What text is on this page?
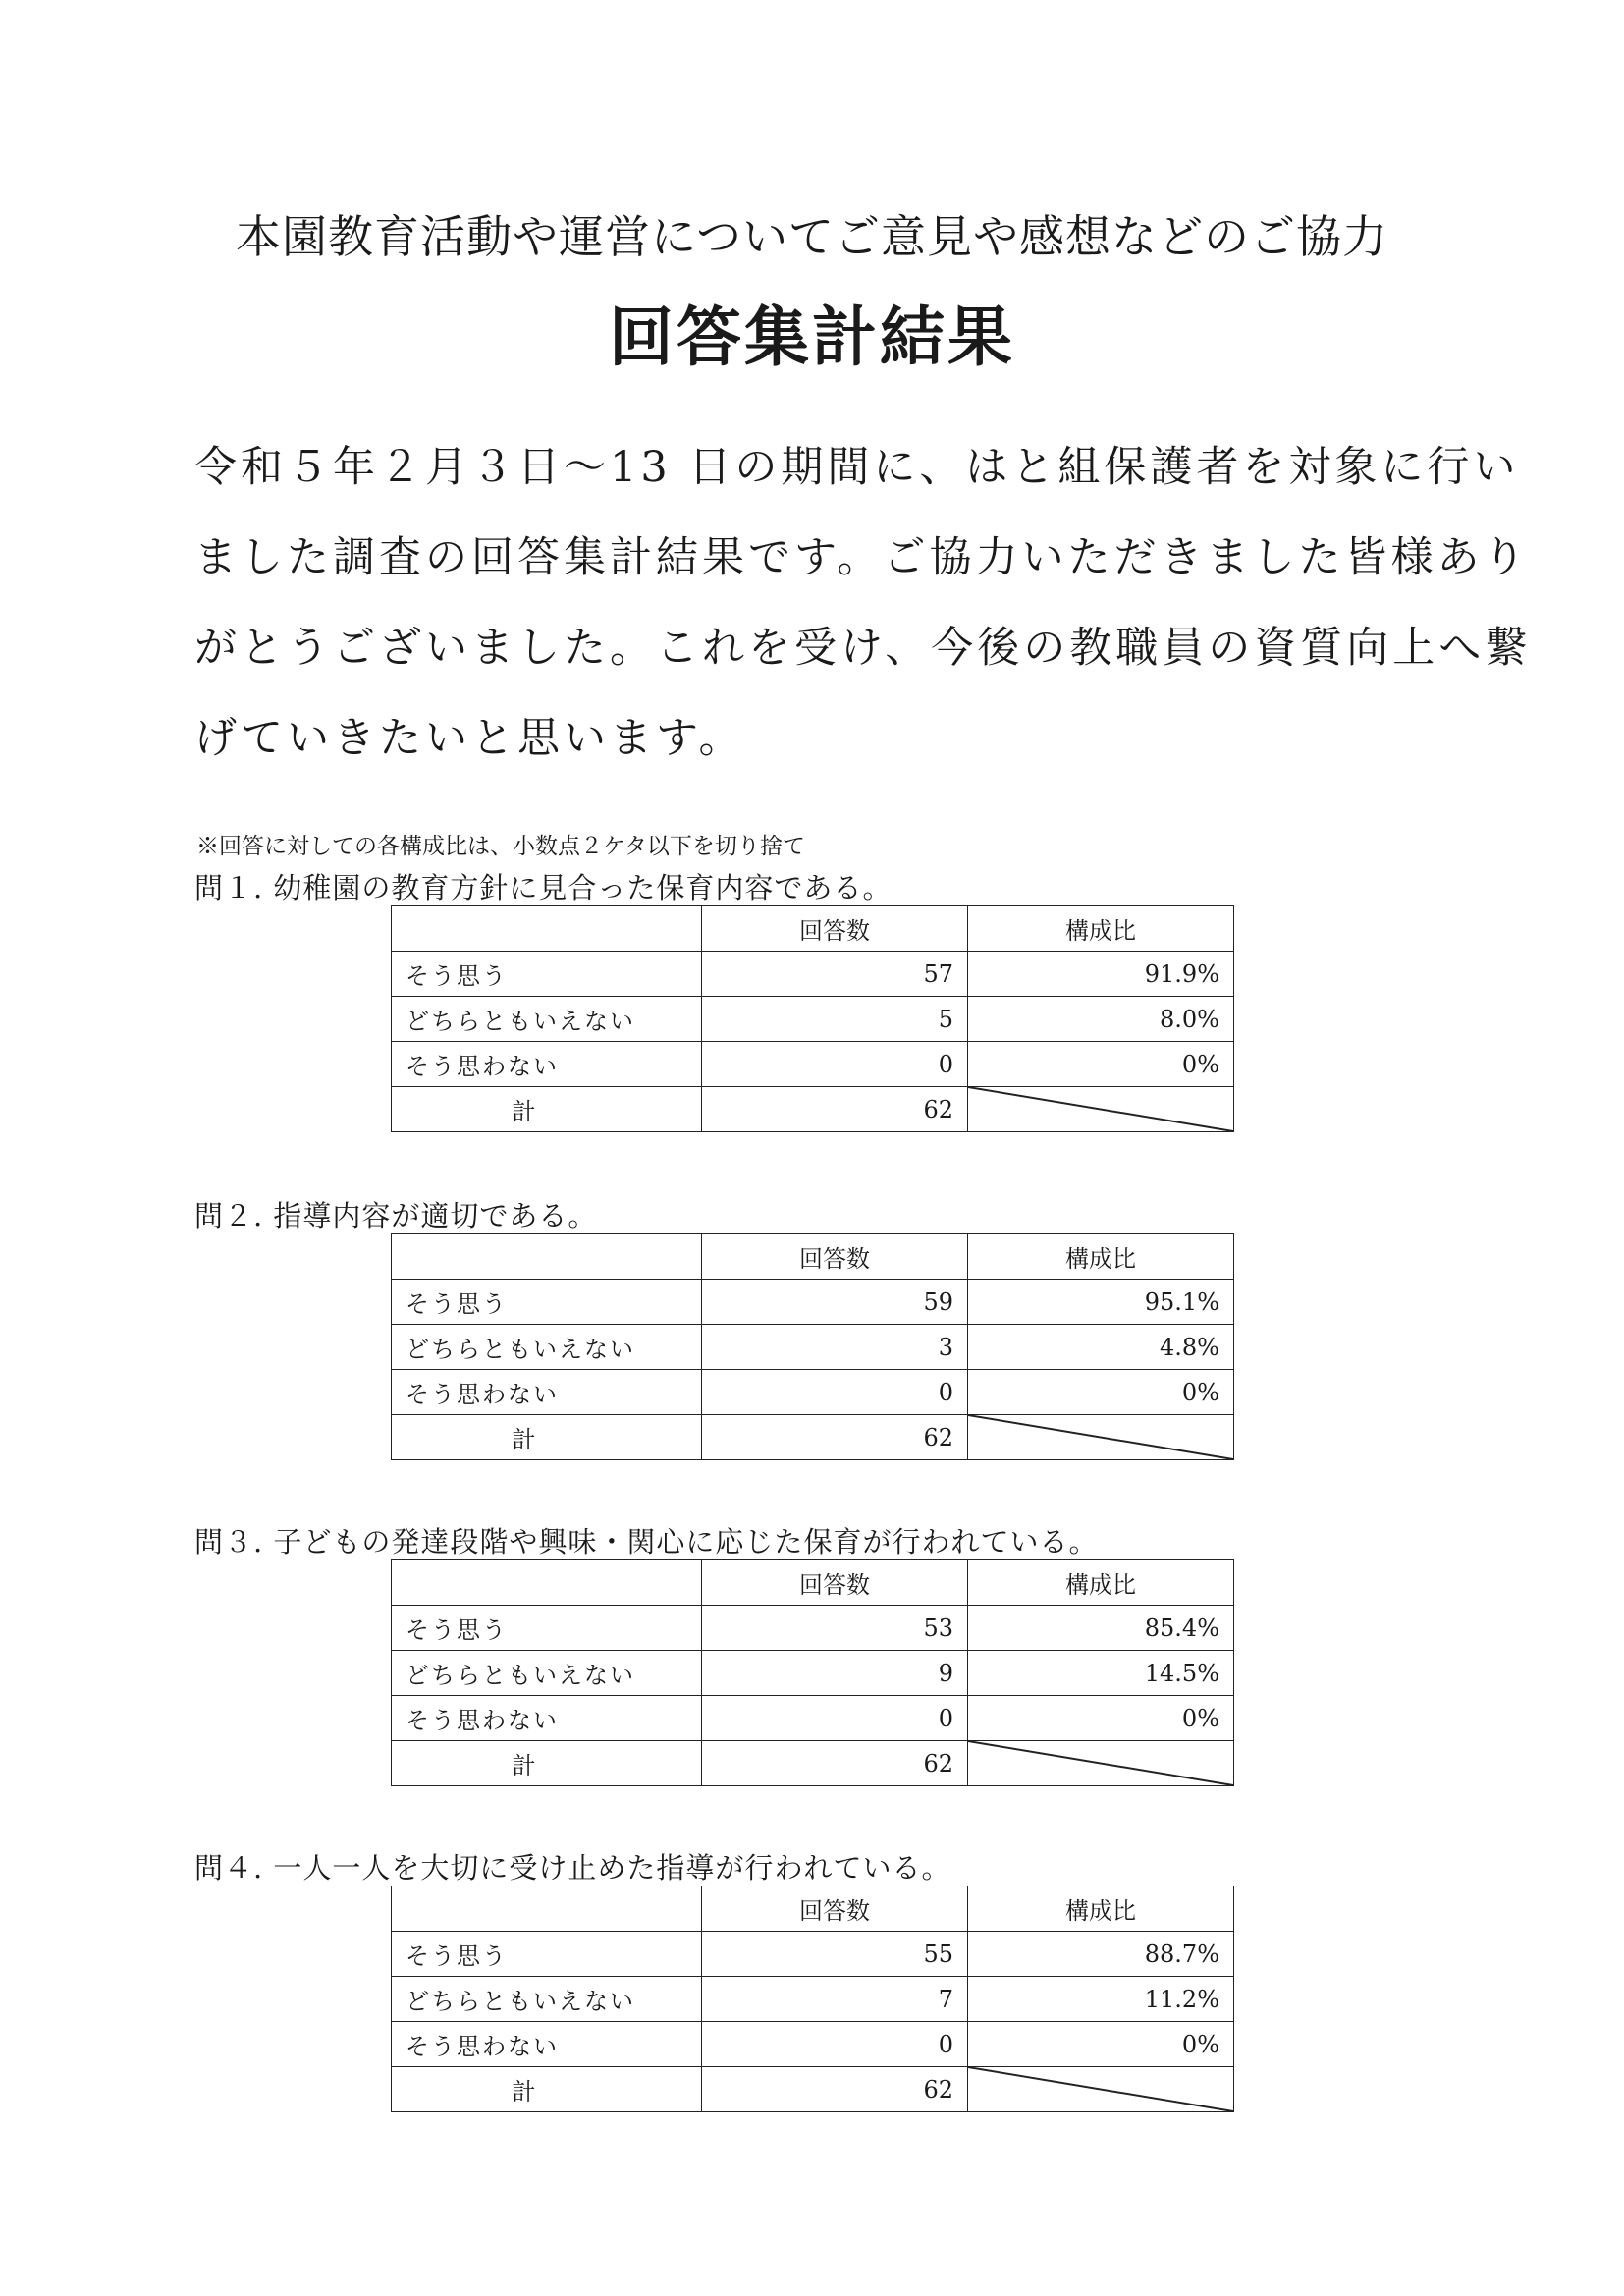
本園教育活動や運営についてご意見や感想などのご協力
回答集計結果
令和５年２月３日～13 日の期間に、はと組保護者を対象に行い
ました調査の回答集計結果です。ご協力いただきました皆様あり
がとうございました。これを受け、今後の教職員の資質向上へ繋
げていきたいと思います。
※回答に対しての各構成比は、小数点２ケタ以下を切り捨て
問１. 幼稚園の教育方針に見合った保育内容である。
	回答数	構成比
そう思う	57	91.9%
どちらともいえない	5	8.0%
そう思わない	0	0%
計	62	
問２. 指導内容が適切である。
	回答数	構成比
そう思う	59	95.1%
どちらともいえない	3	4.8%
そう思わない	0	0%
計	62	
問３. 子どもの発達段階や興味・関心に応じた保育が行われている。
	回答数	構成比
そう思う	53	85.4%
どちらともいえない	9	14.5%
そう思わない	0	0%
計	62	
問４. 一人一人を大切に受け止めた指導が行われている。
	回答数	構成比
そう思う	55	88.7%
どちらともいえない	7	11.2%
そう思わない	0	0%
計	62	
